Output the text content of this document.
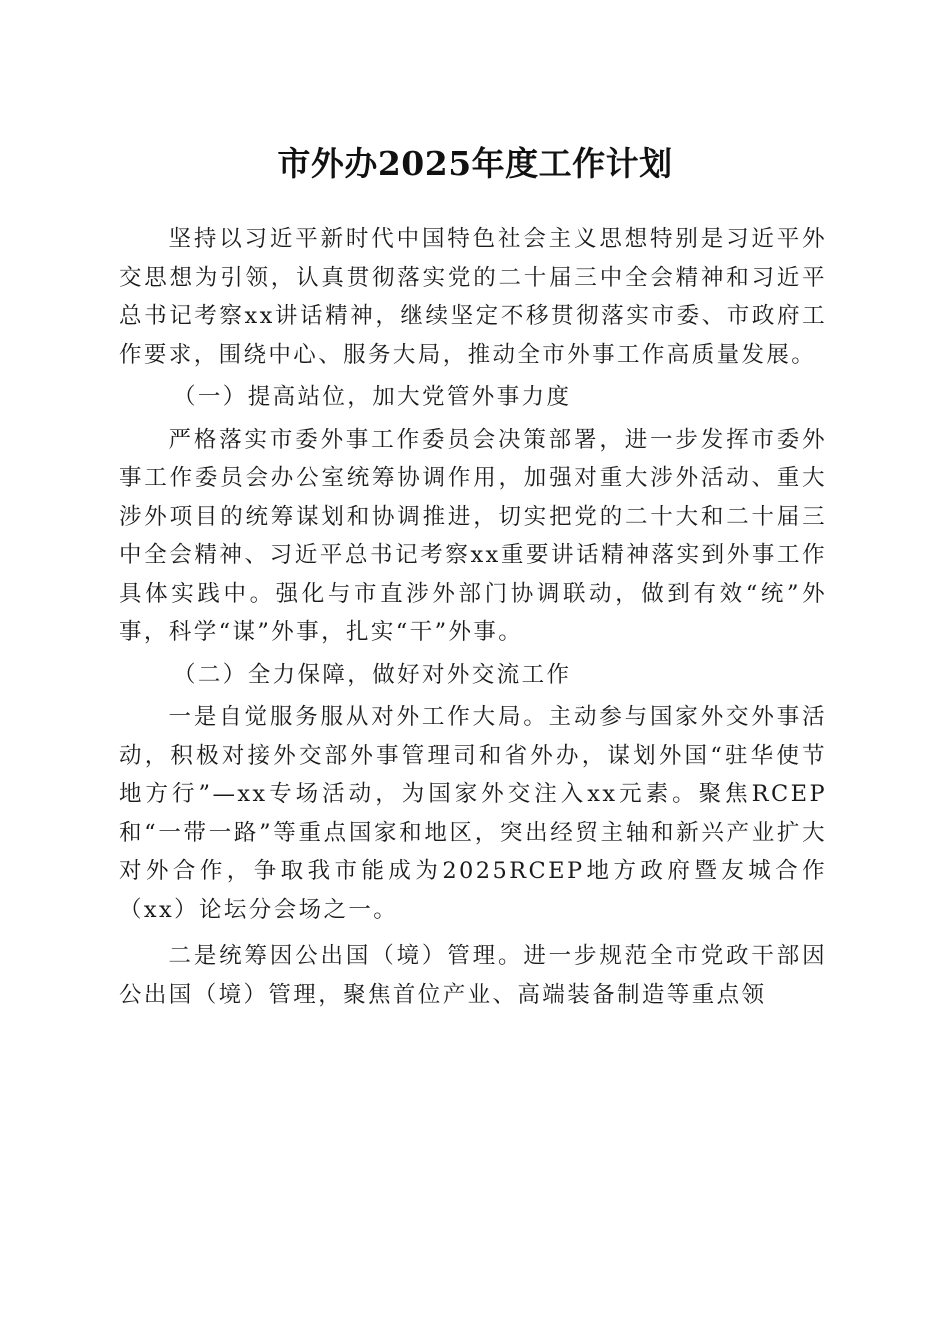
市外办2025年度工作计划

坚持以习近平新时代中国特色社会主义思想特别是习近平外交思想为引领，认真贯彻落实党的二十届三中全会精神和习近平总书记考察xx讲话精神，继续坚定不移贯彻落实市委、市政府工作要求，围绕中心、服务大局，推动全市外事工作高质量发展。

（一）提高站位，加大党管外事力度

严格落实市委外事工作委员会决策部署，进一步发挥市委外事工作委员会办公室统筹协调作用，加强对重大涉外活动、重大涉外项目的统筹谋划和协调推进，切实把党的二十大和二十届三中全会精神、习近平总书记考察xx重要讲话精神落实到外事工作具体实践中。强化与市直涉外部门协调联动，做到有效“统”外事，科学“谋”外事，扎实“干”外事。

（二）全力保障，做好对外交流工作

一是自觉服务服从对外工作大局。主动参与国家外交外事活动，积极对接外交部外事管理司和省外办，谋划外国“驻华使节地方行”—xx专场活动，为国家外交注入xx元素。聚焦RCEP和“一带一路”等重点国家和地区，突出经贸主轴和新兴产业扩大对外合作，争取我市能成为2025RCEP地方政府暨友城合作（xx）论坛分会场之一。

二是统筹因公出国（境）管理。进一步规范全市党政干部因公出国（境）管理，聚焦首位产业、高端装备制造等重点领
